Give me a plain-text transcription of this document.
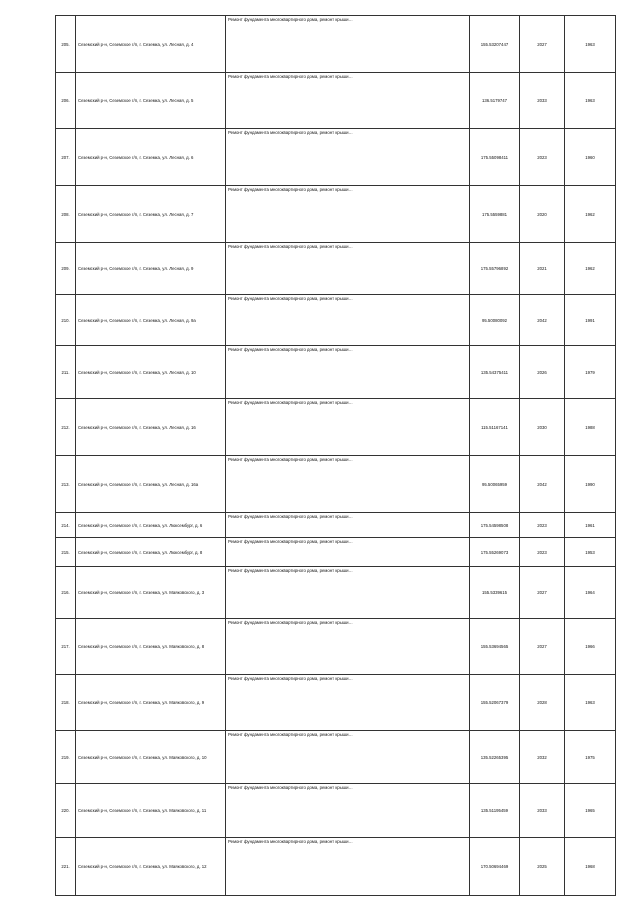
205.	Сеземский р-н, Сеземское г/п, г. Сеземка, ул. Лесная, д. 4	Ремонт фундамента многоквартирного дома, ремонт крыши…	155.53207447	2027	1963
206.	Сеземский р-н, Сеземское г/п, г. Сеземка, ул. Лесная, д. 5	Ремонт фундамента многоквартирного дома, ремонт крыши…	136.5179747	2033	1963
207.	Сеземский р-н, Сеземское г/п, г. Сеземка, ул. Лесная, д. 6	Ремонт фундамента многоквартирного дома, ремонт крыши…	175.55098411	2023	1960
208.	Сеземский р-н, Сеземское г/п, г. Сеземка, ул. Лесная, д. 7	Ремонт фундамента многоквартирного дома, ремонт крыши…	175.5559881	2020	1962
209.	Сеземский р-н, Сеземское г/п, г. Сеземка, ул. Лесная, д. 9	Ремонт фундамента многоквартирного дома, ремонт крыши…	175.55796892	2021	1962
210.	Сеземский р-н, Сеземское г/п, г. Сеземка, ул. Лесная, д. 9а	Ремонт фундамента многоквартирного дома, ремонт крыши…	95.50080092	2042	1991
211.	Сеземский р-н, Сеземское г/п, г. Сеземка, ул. Лесная, д. 10	Ремонт фундамента многоквартирного дома, ремонт крыши…	135.54375411	2026	1979
212.	Сеземский р-н, Сеземское г/п, г. Сеземка, ул. Лесная, д. 16	Ремонт фундамента многоквартирного дома, ремонт крыши…	115.51167141	2030	1988
213.	Сеземский р-н, Сеземское г/п, г. Сеземка, ул. Лесная, д. 16а	Ремонт фундамента многоквартирного дома, ремонт крыши…	95.50065959	2042	1990
214.	Сеземский р-н, Сеземское г/п, г. Сеземка, ул. Люксембург, д. 6	Ремонт фундамента многоквартирного дома, ремонт крыши…	175.54598508	2023	1961
215.	Сеземский р-н, Сеземское г/п, г. Сеземка, ул. Люксембург, д. 8	Ремонт фундамента многоквартирного дома, ремонт крыши…	175.55269073	2023	1953
216.	Сеземский р-н, Сеземское г/п, г. Сеземка, ул. Маяковского, д. 3	Ремонт фундамента многоквартирного дома, ремонт крыши…	155.5339615	2027	1964
217.	Сеземский р-н, Сеземское г/п, г. Сеземка, ул. Маяковского, д. 8	Ремонт фундамента многоквартирного дома, ремонт крыши…	155.53694565	2027	1966
218.	Сеземский р-н, Сеземское г/п, г. Сеземка, ул. Маяковского, д. 9	Ремонт фундамента многоквартирного дома, ремонт крыши…	155.52067379	2028	1963
219.	Сеземский р-н, Сеземское г/п, г. Сеземка, ул. Маяковского, д. 10	Ремонт фундамента многоквартирного дома, ремонт крыши…	135.52265395	2032	1975
220.	Сеземский р-н, Сеземское г/п, г. Сеземка, ул. Маяковского, д. 11	Ремонт фундамента многоквартирного дома, ремонт крыши…	135.51195459	2033	1965
221.	Сеземский р-н, Сеземское г/п, г. Сеземка, ул. Маяковского, д. 12	Ремонт фундамента многоквартирного дома, ремонт крыши…	170.50694469	2025	1968
